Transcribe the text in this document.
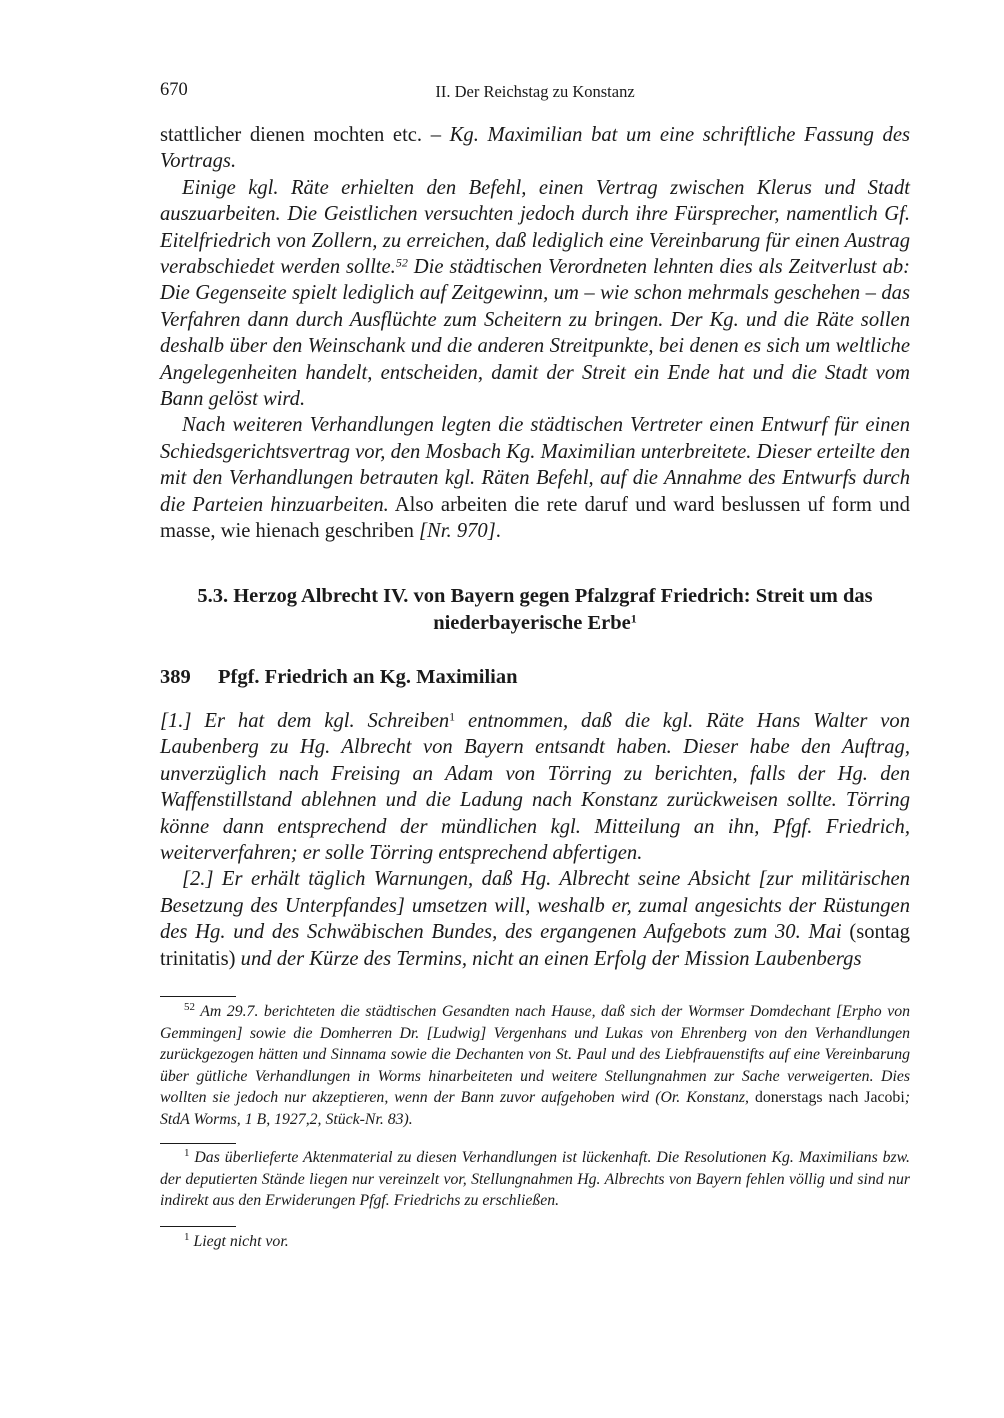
670	II. Der Reichstag zu Konstanz

stattlicher dienen mochten etc. – Kg. Maximilian bat um eine schriftliche Fassung des Vortrags.

Einige kgl. Räte erhielten den Befehl, einen Vertrag zwischen Klerus und Stadt auszuarbeiten. Die Geistlichen versuchten jedoch durch ihre Fürsprecher, namentlich Gf. Eitelfriedrich von Zollern, zu erreichen, daß lediglich eine Vereinbarung für einen Austrag verabschiedet werden sollte.$^{52}$ Die städtischen Verordneten lehnten dies als Zeitverlust ab: Die Gegenseite spielt lediglich auf Zeitgewinn, um – wie schon mehrmals geschehen – das Verfahren dann durch Ausflüchte zum Scheitern zu bringen. Der Kg. und die Räte sollen deshalb über den Weinschank und die anderen Streitpunkte, bei denen es sich um weltliche Angelegenheiten handelt, entscheiden, damit der Streit ein Ende hat und die Stadt vom Bann gelöst wird.

Nach weiteren Verhandlungen legten die städtischen Vertreter einen Entwurf für einen Schiedsgerichtsvertrag vor, den Mosbach Kg. Maximilian unterbreitete. Dieser erteilte den mit den Verhandlungen betrauten kgl. Räten Befehl, auf die Annahme des Entwurfs durch die Parteien hinzuarbeiten. Also arbeiten die rete daruf und ward beslussen uf form und masse, wie hienach geschriben [Nr. 970].

5.3. Herzog Albrecht IV. von Bayern gegen Pfalzgraf Friedrich: Streit um das
niederbayerische Erbe$^1$
389 Pfgf. Friedrich an Kg. Maximilian

[1.] Er hat dem kgl. Schreiben$^1$ entnommen, daß die kgl. Räte Hans Walter von Laubenberg zu Hg. Albrecht von Bayern entsandt haben. Dieser habe den Auftrag, unverzüglich nach Freising an Adam von Törring zu berichten, falls der Hg. den Waffenstillstand ablehnen und die Ladung nach Konstanz zurückweisen sollte. Törring könne dann entsprechend der mündlichen kgl. Mitteilung an ihn, Pfgf. Friedrich, weiterverfahren; er solle Törring entsprechend abfertigen.

[2.] Er erhält täglich Warnungen, daß Hg. Albrecht seine Absicht [zur militärischen Besetzung des Unterpfandes] umsetzen will, weshalb er, zumal angesichts der Rüstungen des Hg. und des Schwäbischen Bundes, des ergangenen Aufgebots zum 30. Mai (sontag trinitatis) und der Kürze des Termins, nicht an einen Erfolg der Mission Laubenbergs

$^{52}$ Am 29.7. berichteten die städtischen Gesandten nach Hause, daß sich der Wormser Domdechant [Erpho von Gemmingen] sowie die Domherren Dr. [Ludwig] Vergenhans und Lukas von Ehrenberg von den Verhandlungen zurückgezogen hätten und Sinnama sowie die Dechanten von St. Paul und des Liebfrauenstifts auf eine Vereinbarung über gütliche Verhandlungen in Worms hinarbeiteten und weitere Stellungnahmen zur Sache verweigerten. Dies wollten sie jedoch nur akzeptieren, wenn der Bann zuvor aufgehoben wird (Or. Konstanz, donerstags nach Jacobi; StdA Worms, 1 B, 1927,2, Stück-Nr. 83).

$^1$ Das überlieferte Aktenmaterial zu diesen Verhandlungen ist lückenhaft. Die Resolutionen Kg. Maximilians bzw. der deputierten Stände liegen nur vereinzelt vor, Stellungnahmen Hg. Albrechts von Bayern fehlen völlig und sind nur indirekt aus den Erwiderungen Pfgf. Friedrichs zu erschließen.

$^1$ Liegt nicht vor.
